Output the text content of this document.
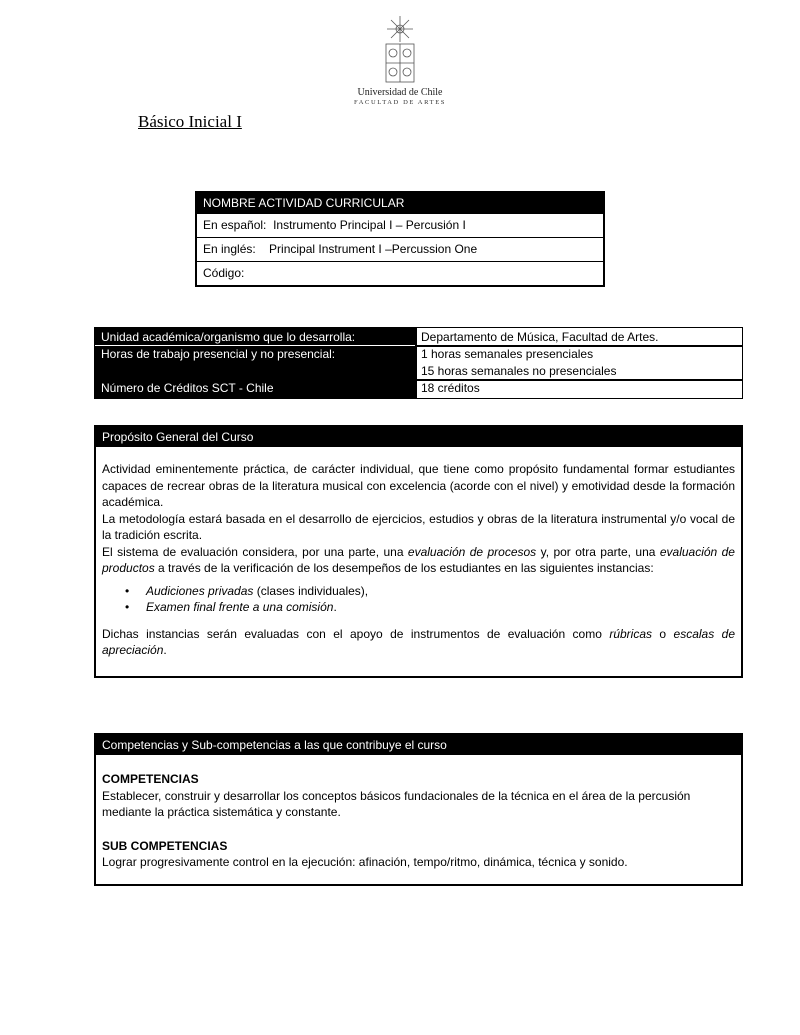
Universidad de Chile
FACULTAD DE ARTES
Básico Inicial I
NOMBRE ACTIVIDAD CURRICULAR
En español: Instrumento Principal I – Percusión I
En inglés: Principal Instrument I –Percussion One
Código:
Unidad académica/organismo que lo desarrolla:
Horas de trabajo presencial y no presencial:
Número de Créditos SCT - Chile
Departamento de Música, Facultad de Artes.
1 horas semanales presenciales
15 horas semanales no presenciales
18 créditos
Propósito General del Curso

Actividad eminentemente práctica, de carácter individual, que tiene como propósito fundamental formar estudiantes capaces de recrear obras de la literatura musical con excelencia (acorde con el nivel) y emotividad desde la formación académica.

La metodología estará basada en el desarrollo de ejercicios, estudios y obras de la literatura instrumental y/o vocal de la tradición escrita.

El sistema de evaluación considera, por una parte, una evaluación de procesos y, por otra parte, una evaluación de productos a través de la verificación de los desempeños de los estudiantes en las siguientes instancias:

• Audiciones privadas (clases individuales),
• Examen final frente a una comisión.

Dichas instancias serán evaluadas con el apoyo de instrumentos de evaluación como rúbricas o escalas de apreciación.

Competencias y Sub-competencias a las que contribuye el curso

COMPETENCIAS

Establecer, construir y desarrollar los conceptos básicos fundacionales de la técnica en el área de la percusión mediante la práctica sistemática y constante.

SUB COMPETENCIAS

Lograr progresivamente control en la ejecución: afinación, tempo/ritmo, dinámica, técnica y sonido.
